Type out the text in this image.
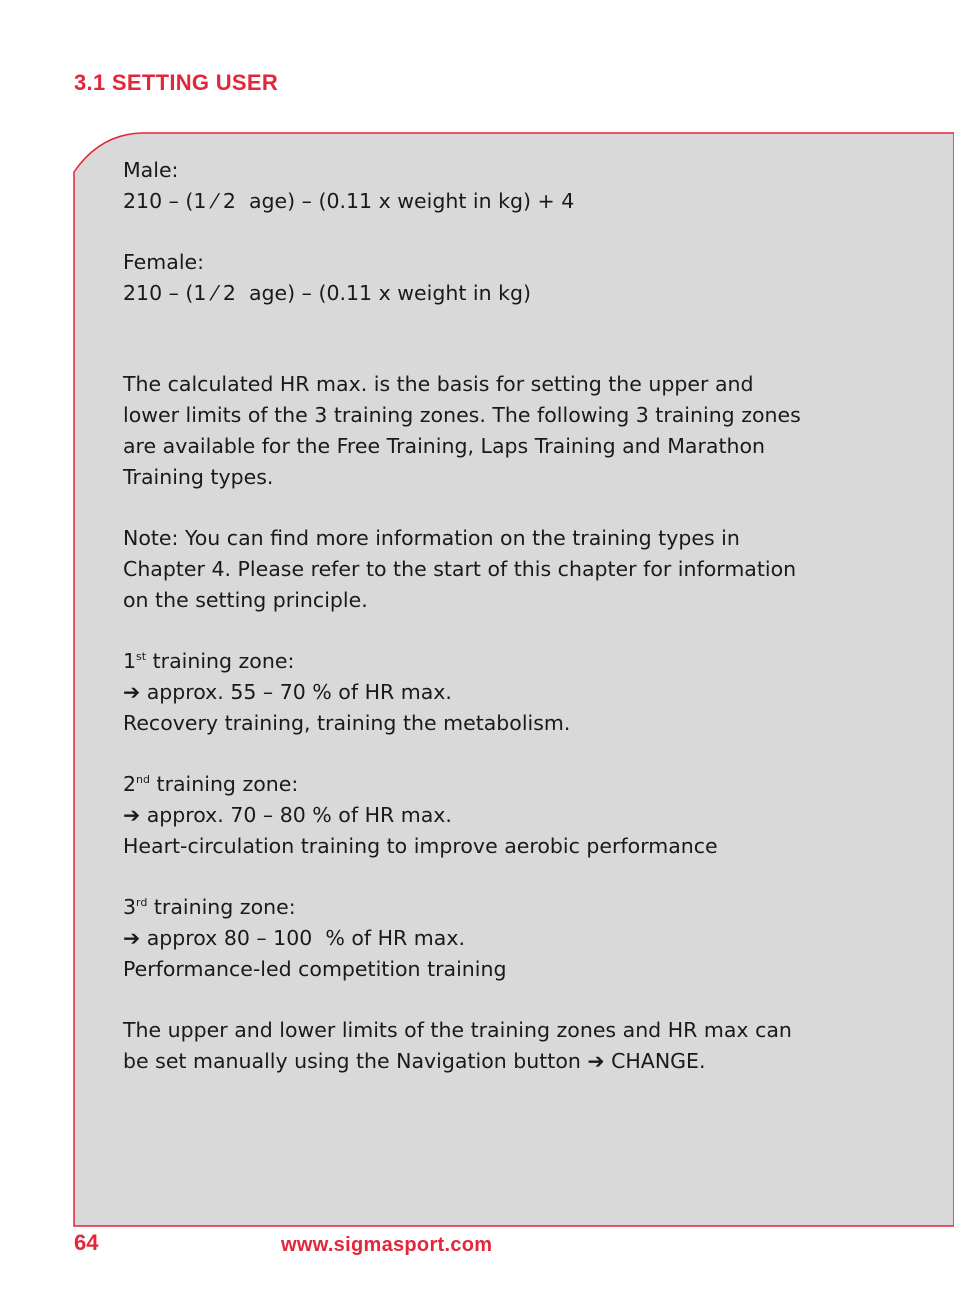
3.1 SETTING USER
Male:
210 – (1 ⁄ 2  age) – (0.11 x weight in kg) + 4
Female:
210 – (1 ⁄ 2  age) – (0.11 x weight in kg)
The calculated HR max. is the basis for setting the upper and
lower limits of the 3 training zones. The following 3 training zones
are available for the Free Training, Laps Training and Marathon
Training types.
Note: You can find more information on the training types in
Chapter 4. Please refer to the start of this chapter for information
on the setting principle.
1st training zone:
➔ approx. 55 – 70 % of HR max.
Recovery training, training the metabolism.
2nd training zone:
➔ approx. 70 – 80 % of HR max.
Heart-circulation training to improve aerobic performance
3rd training zone:
➔ approx 80 – 100  % of HR max.
Performance-led competition training
The upper and lower limits of the training zones and HR max can
be set manually using the Navigation button ➔ CHANGE.
64	www.sigmasport.com
